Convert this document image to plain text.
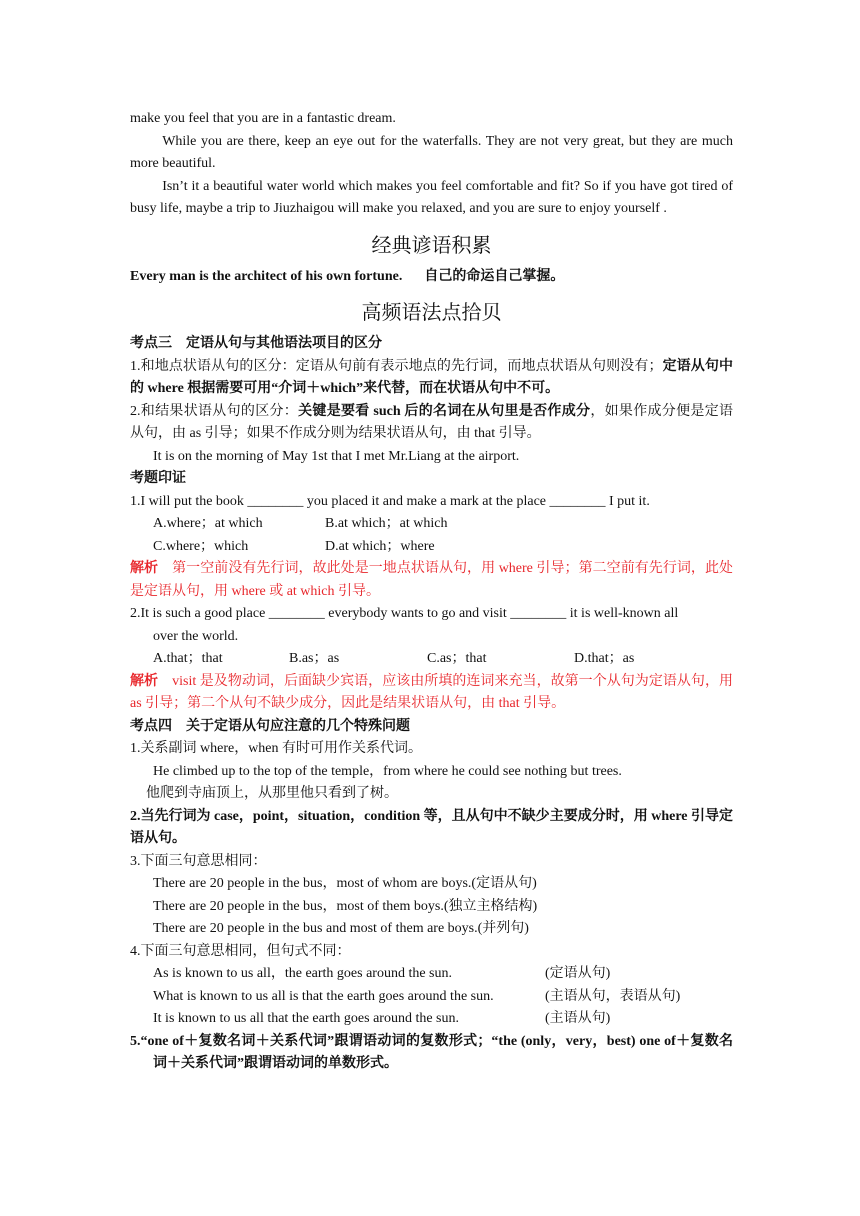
make you feel that you are in a fantastic dream.

While you are there, keep an eye out for the waterfalls. They are not very great, but they are much more beautiful.

Isn’t it a beautiful water world which makes you feel comfortable and fit? So if you have got tired of busy life, maybe a trip to Jiuzhaigou will make you relaxed, and you are sure to enjoy yourself .

经典谚语积累

Every man is the architect of his own fortune. 自己的命运自己掌握。

高频语法点拾贝

考点三　定语从句与其他语法项目的区分

1.和地点状语从句的区分：定语从句前有表示地点的先行词，而地点状语从句则没有；定语从句中的 where 根据需要可用“介词＋which”来代替，而在状语从句中不可。

2.和结果状语从句的区分：关键是要看 such 后的名词在从句里是否作成分，如果作成分便是定语从句，由 as 引导；如果不作成分则为结果状语从句，由 that 引导。

It is on the morning of May 1st that I met Mr.Liang at the airport.

考题印证

1.I will put the book ________ you placed it and make a mark at the place ________ I put it.

A.where；at which	B.at which；at which
C.where；which	D.at which；where

解析　第一空前没有先行词，故此处是一地点状语从句，用 where 引导；第二空前有先行词，此处是定语从句，用 where 或 at which 引导。

2.It is such a good place ________ everybody wants to go and visit ________ it is well-known all

over the world.

A.that；that	B.as；as	C.as；that	D.that；as

解析　visit 是及物动词，后面缺少宾语，应该由所填的连词来充当，故第一个从句为定语从句，用 as 引导；第二个从句不缺少成分，因此是结果状语从句，由 that 引导。

考点四　关于定语从句应注意的几个特殊问题

1.关系副词 where，when 有时可用作关系代词。

He climbed up to the top of the temple，from where he could see nothing but trees.

他爬到寺庙顶上，从那里他只看到了树。

2.当先行词为 case，point，situation，condition 等，且从句中不缺少主要成分时，用 where 引导定语从句。

3.下面三句意思相同：

There are 20 people in the bus，most of whom are boys.(定语从句)

There are 20 people in the bus，most of them boys.(独立主格结构)

There are 20 people in the bus and most of them are boys.(并列句)

4.下面三句意思相同，但句式不同：

As is known to us all，the earth goes around the sun.	(定语从句)
What is known to us all is that the earth goes around the sun.	(主语从句，表语从句)
It is known to us all that the earth goes around the sun.	(主语从句)

5.“one of＋复数名词＋关系代词”跟谓语动词的复数形式；“the (only，very，best) one of＋复数名词＋关系代词”跟谓语动词的单数形式。
